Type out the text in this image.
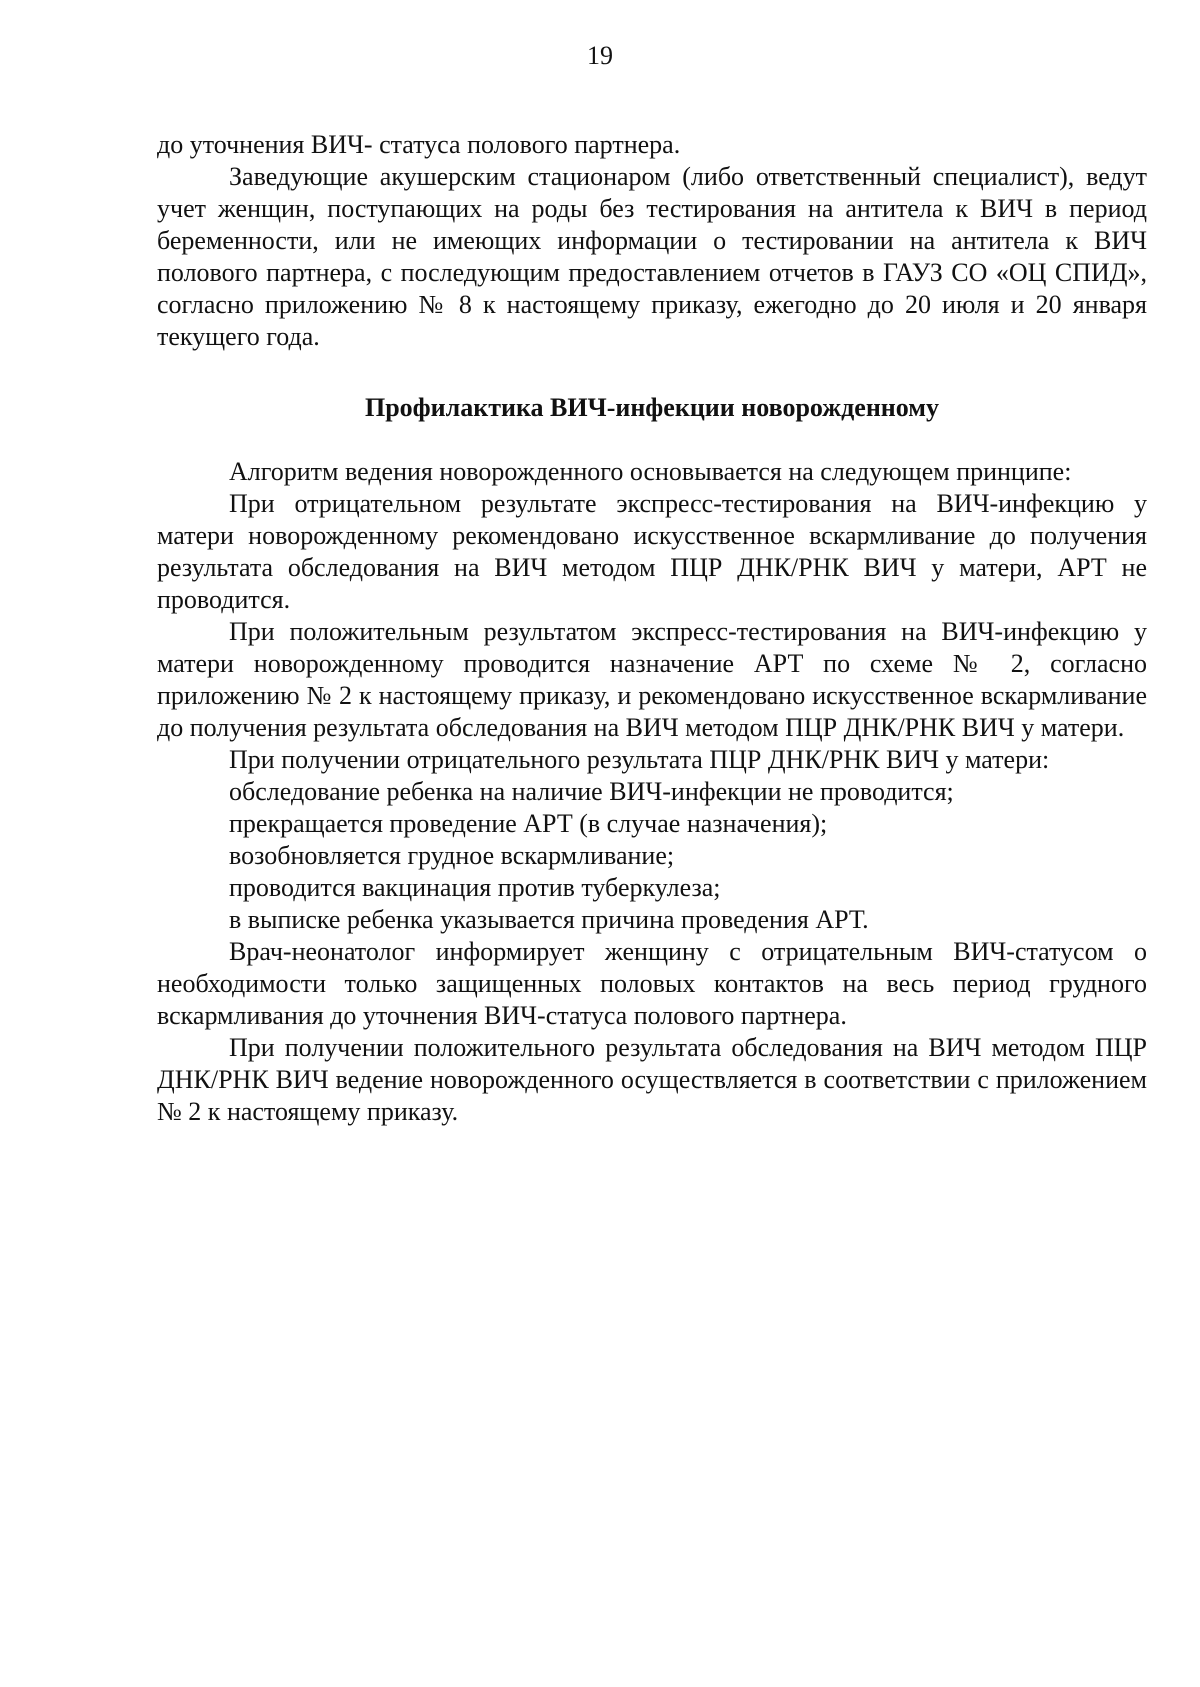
19

до уточнения ВИЧ- статуса полового партнера.

Заведующие акушерским стационаром (либо ответственный специалист), ведут учет женщин, поступающих на роды без тестирования на антитела к ВИЧ в период беременности, или не имеющих информации о тестировании на антитела к ВИЧ полового партнера, с последующим предоставлением отчетов в ГАУЗ СО «ОЦ СПИД», согласно приложению № 8 к настоящему приказу, ежегодно до 20 июля и 20 января текущего года.

Профилактика ВИЧ-инфекции новорожденному

Алгоритм ведения новорожденного основывается на следующем принципе:

При отрицательном результате экспресс-тестирования на ВИЧ-инфекцию у матери новорожденному рекомендовано искусственное вскармливание до получения результата обследования на ВИЧ методом ПЦР ДНК/РНК ВИЧ у матери, АРТ не проводится.

При положительным результатом экспресс-тестирования на ВИЧ-инфекцию у матери новорожденному проводится назначение АРТ по схеме № 2, согласно приложению № 2 к настоящему приказу, и рекомендовано искусственное вскармливание до получения результата обследования на ВИЧ методом ПЦР ДНК/РНК ВИЧ у матери.

При получении отрицательного результата ПЦР ДНК/РНК ВИЧ у матери:

обследование ребенка на наличие ВИЧ-инфекции не проводится;

прекращается проведение АРТ (в случае назначения);

возобновляется грудное вскармливание;

проводится вакцинация против туберкулеза;

в выписке ребенка указывается причина проведения АРТ.

Врач-неонатолог информирует женщину с отрицательным ВИЧ-статусом о необходимости только защищенных половых контактов на весь период грудного вскармливания до уточнения ВИЧ-статуса полового партнера.

При получении положительного результата обследования на ВИЧ методом ПЦР ДНК/РНК ВИЧ ведение новорожденного осуществляется в соответствии с приложением № 2 к настоящему приказу.
